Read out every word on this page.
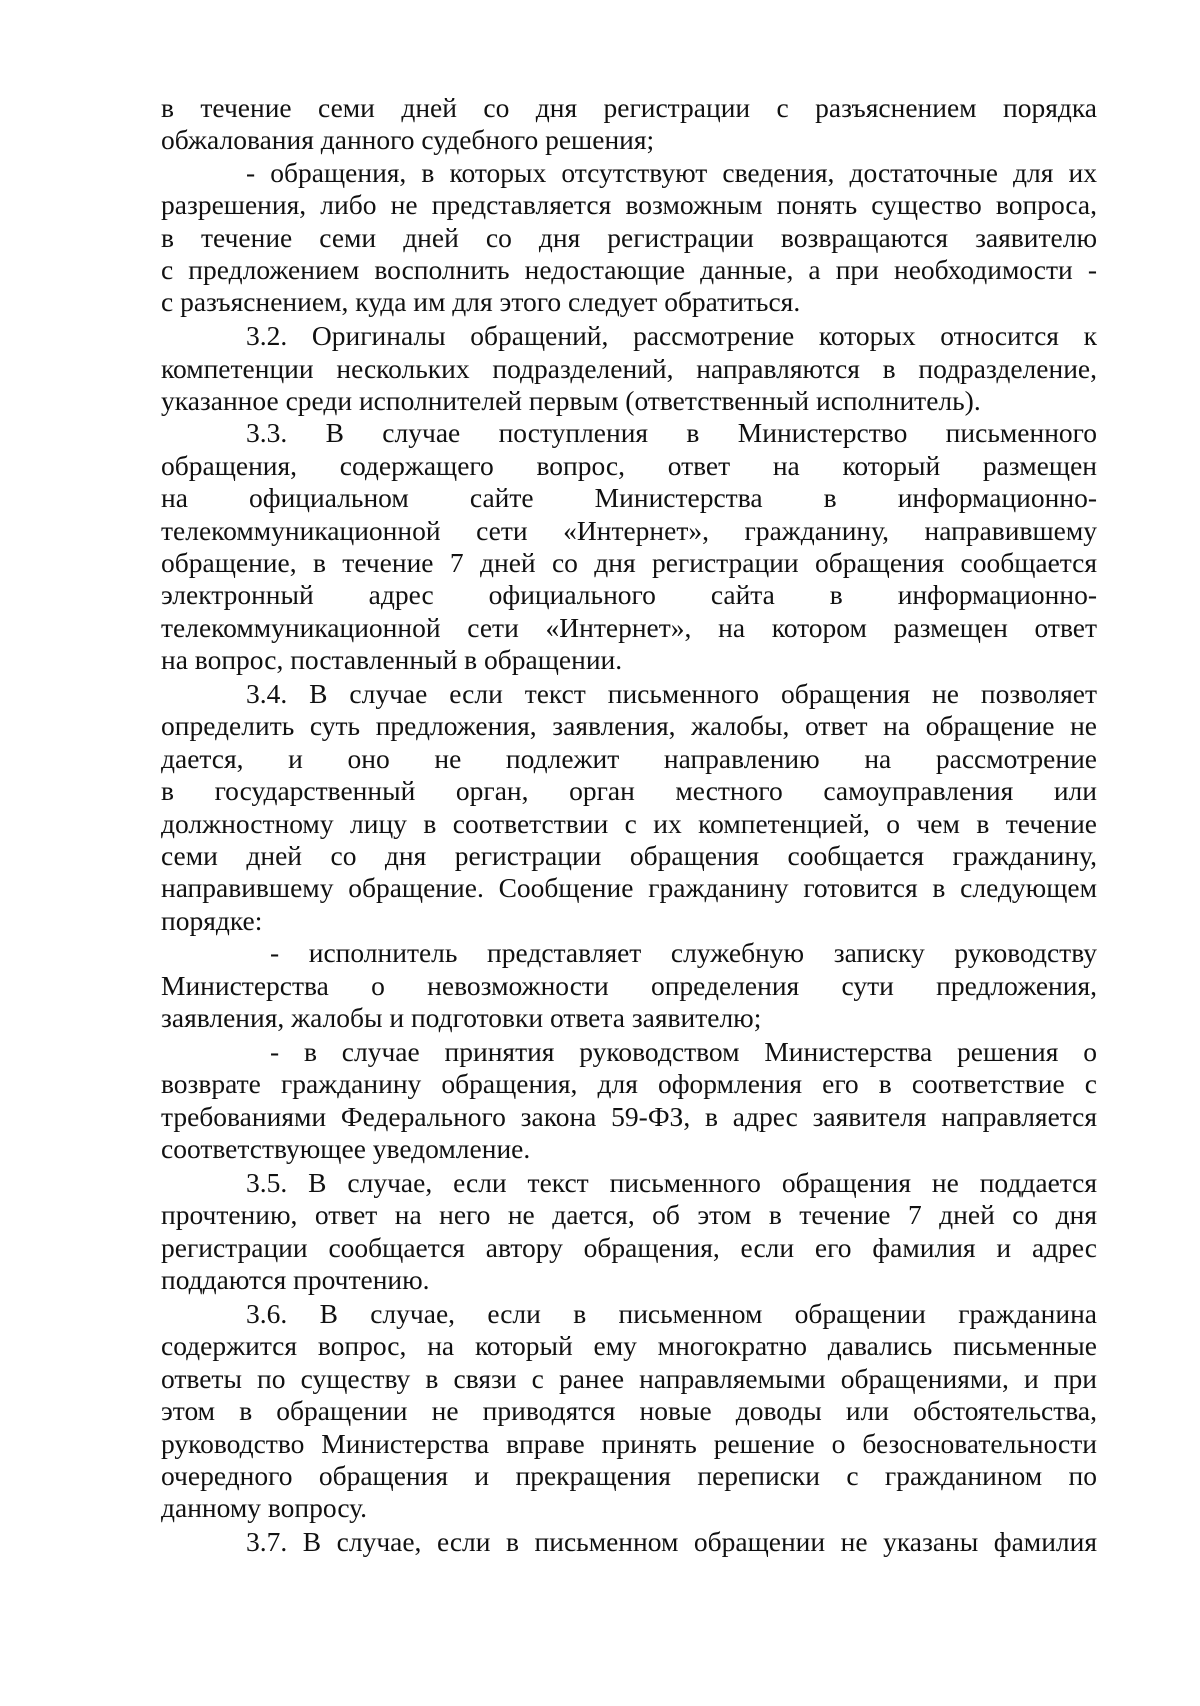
в течение семи дней со дня регистрации с разъяснением порядка
обжалования данного судебного решения;
- обращения, в которых отсутствуют сведения, достаточные для их
разрешения, либо не представляется возможным понять существо вопроса,
в течение семи дней со дня регистрации возвращаются заявителю
с предложением восполнить недостающие данные, а при необходимости -
с разъяснением, куда им для этого следует обратиться.
3.2. Оригиналы обращений, рассмотрение которых относится к
компетенции нескольких подразделений, направляются в подразделение,
указанное среди исполнителей первым (ответственный исполнитель).
3.3. В случае поступления в Министерство письменного
обращения, содержащего вопрос, ответ на который размещен
на официальном сайте Министерства в информационно-
телекоммуникационной сети «Интернет», гражданину, направившему
обращение, в течение 7 дней со дня регистрации обращения сообщается
электронный адрес официального сайта в информационно-
телекоммуникационной сети «Интернет», на котором размещен ответ
на вопрос, поставленный в обращении.
3.4. В случае если текст письменного обращения не позволяет
определить суть предложения, заявления, жалобы, ответ на обращение не
дается, и оно не подлежит направлению на рассмотрение
в государственный орган, орган местного самоуправления или
должностному лицу в соответствии с их компетенцией, о чем в течение
семи дней со дня регистрации обращения сообщается гражданину,
направившему обращение. Сообщение гражданину готовится в следующем
порядке:
- исполнитель представляет служебную записку руководству
Министерства о невозможности определения сути предложения,
заявления, жалобы и подготовки ответа заявителю;
- в случае принятия руководством Министерства решения о
возврате гражданину обращения, для оформления его в соответствие с
требованиями Федерального закона 59-ФЗ, в адрес заявителя направляется
соответствующее уведомление.
3.5. В случае, если текст письменного обращения не поддается
прочтению, ответ на него не дается, об этом в течение 7 дней со дня
регистрации сообщается автору обращения, если его фамилия и адрес
поддаются прочтению.
3.6. В случае, если в письменном обращении гражданина
содержится вопрос, на который ему многократно давались письменные
ответы по существу в связи с ранее направляемыми обращениями, и при
этом в обращении не приводятся новые доводы или обстоятельства,
руководство Министерства вправе принять решение о безосновательности
очередного обращения и прекращения переписки с гражданином по
данному вопросу.
3.7. В случае, если в письменном обращении не указаны фамилия
